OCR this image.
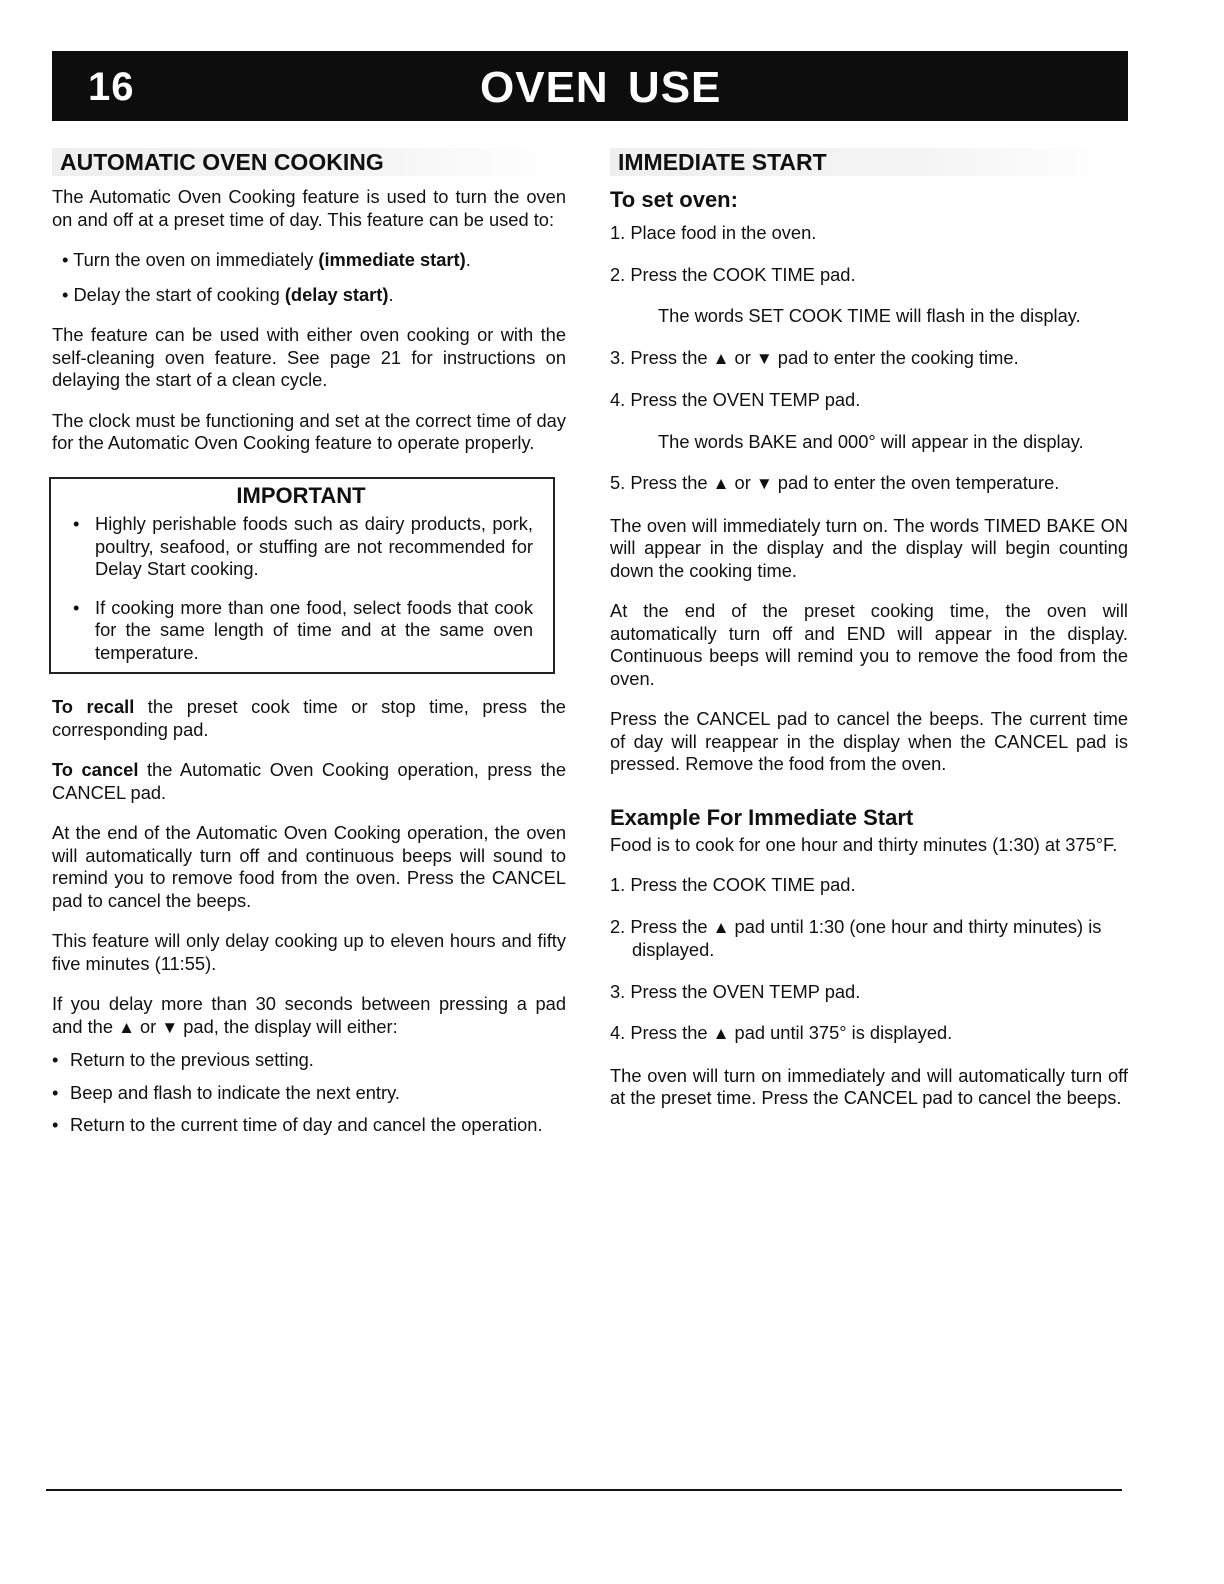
16	OVEN USE
AUTOMATIC OVEN COOKING

The Automatic Oven Cooking feature is used to turn the oven on and off at a preset time of day. This feature can be used to:

• Turn the oven on immediately (immediate start).
• Delay the start of cooking (delay start).

The feature can be used with either oven cooking or with the self-cleaning oven feature. See page 21 for instructions on delaying the start of a clean cycle.

The clock must be functioning and set at the correct time of day for the Automatic Oven Cooking feature to operate properly.

IMPORTANT
• Highly perishable foods such as dairy products, pork, poultry, seafood, or stuffing are not recommended for Delay Start cooking.
• If cooking more than one food, select foods that cook for the same length of time and at the same oven temperature.

To recall the preset cook time or stop time, press the corresponding pad.

To cancel the Automatic Oven Cooking operation, press the CANCEL pad.

At the end of the Automatic Oven Cooking operation, the oven will automatically turn off and continuous beeps will sound to remind you to remove food from the oven. Press the CANCEL pad to cancel the beeps.

This feature will only delay cooking up to eleven hours and fifty five minutes (11:55).

If you delay more than 30 seconds between pressing a pad and the ▲ or ▼ pad, the display will either:

• Return to the previous setting.
• Beep and flash to indicate the next entry.
• Return to the current time of day and cancel the operation.
IMMEDIATE START
To set oven:
1. Place food in the oven.
2. Press the COOK TIME pad.
The words SET COOK TIME will flash in the display.
3. Press the ▲ or ▼ pad to enter the cooking time.
4. Press the OVEN TEMP pad.
The words BAKE and 000° will appear in the display.
5. Press the ▲ or ▼ pad to enter the oven temperature.

The oven will immediately turn on. The words TIMED BAKE ON will appear in the display and the display will begin counting down the cooking time.

At the end of the preset cooking time, the oven will automatically turn off and END will appear in the display. Continuous beeps will remind you to remove the food from the oven.

Press the CANCEL pad to cancel the beeps. The current time of day will reappear in the display when the CANCEL pad is pressed. Remove the food from the oven.

Example For Immediate Start

Food is to cook for one hour and thirty minutes (1:30) at 375°F.

1. Press the COOK TIME pad.
2. Press the ▲ pad until 1:30 (one hour and thirty minutes) is displayed.
3. Press the OVEN TEMP pad.
4. Press the ▲ pad until 375° is displayed.

The oven will turn on immediately and will automatically turn off at the preset time. Press the CANCEL pad to cancel the beeps.
